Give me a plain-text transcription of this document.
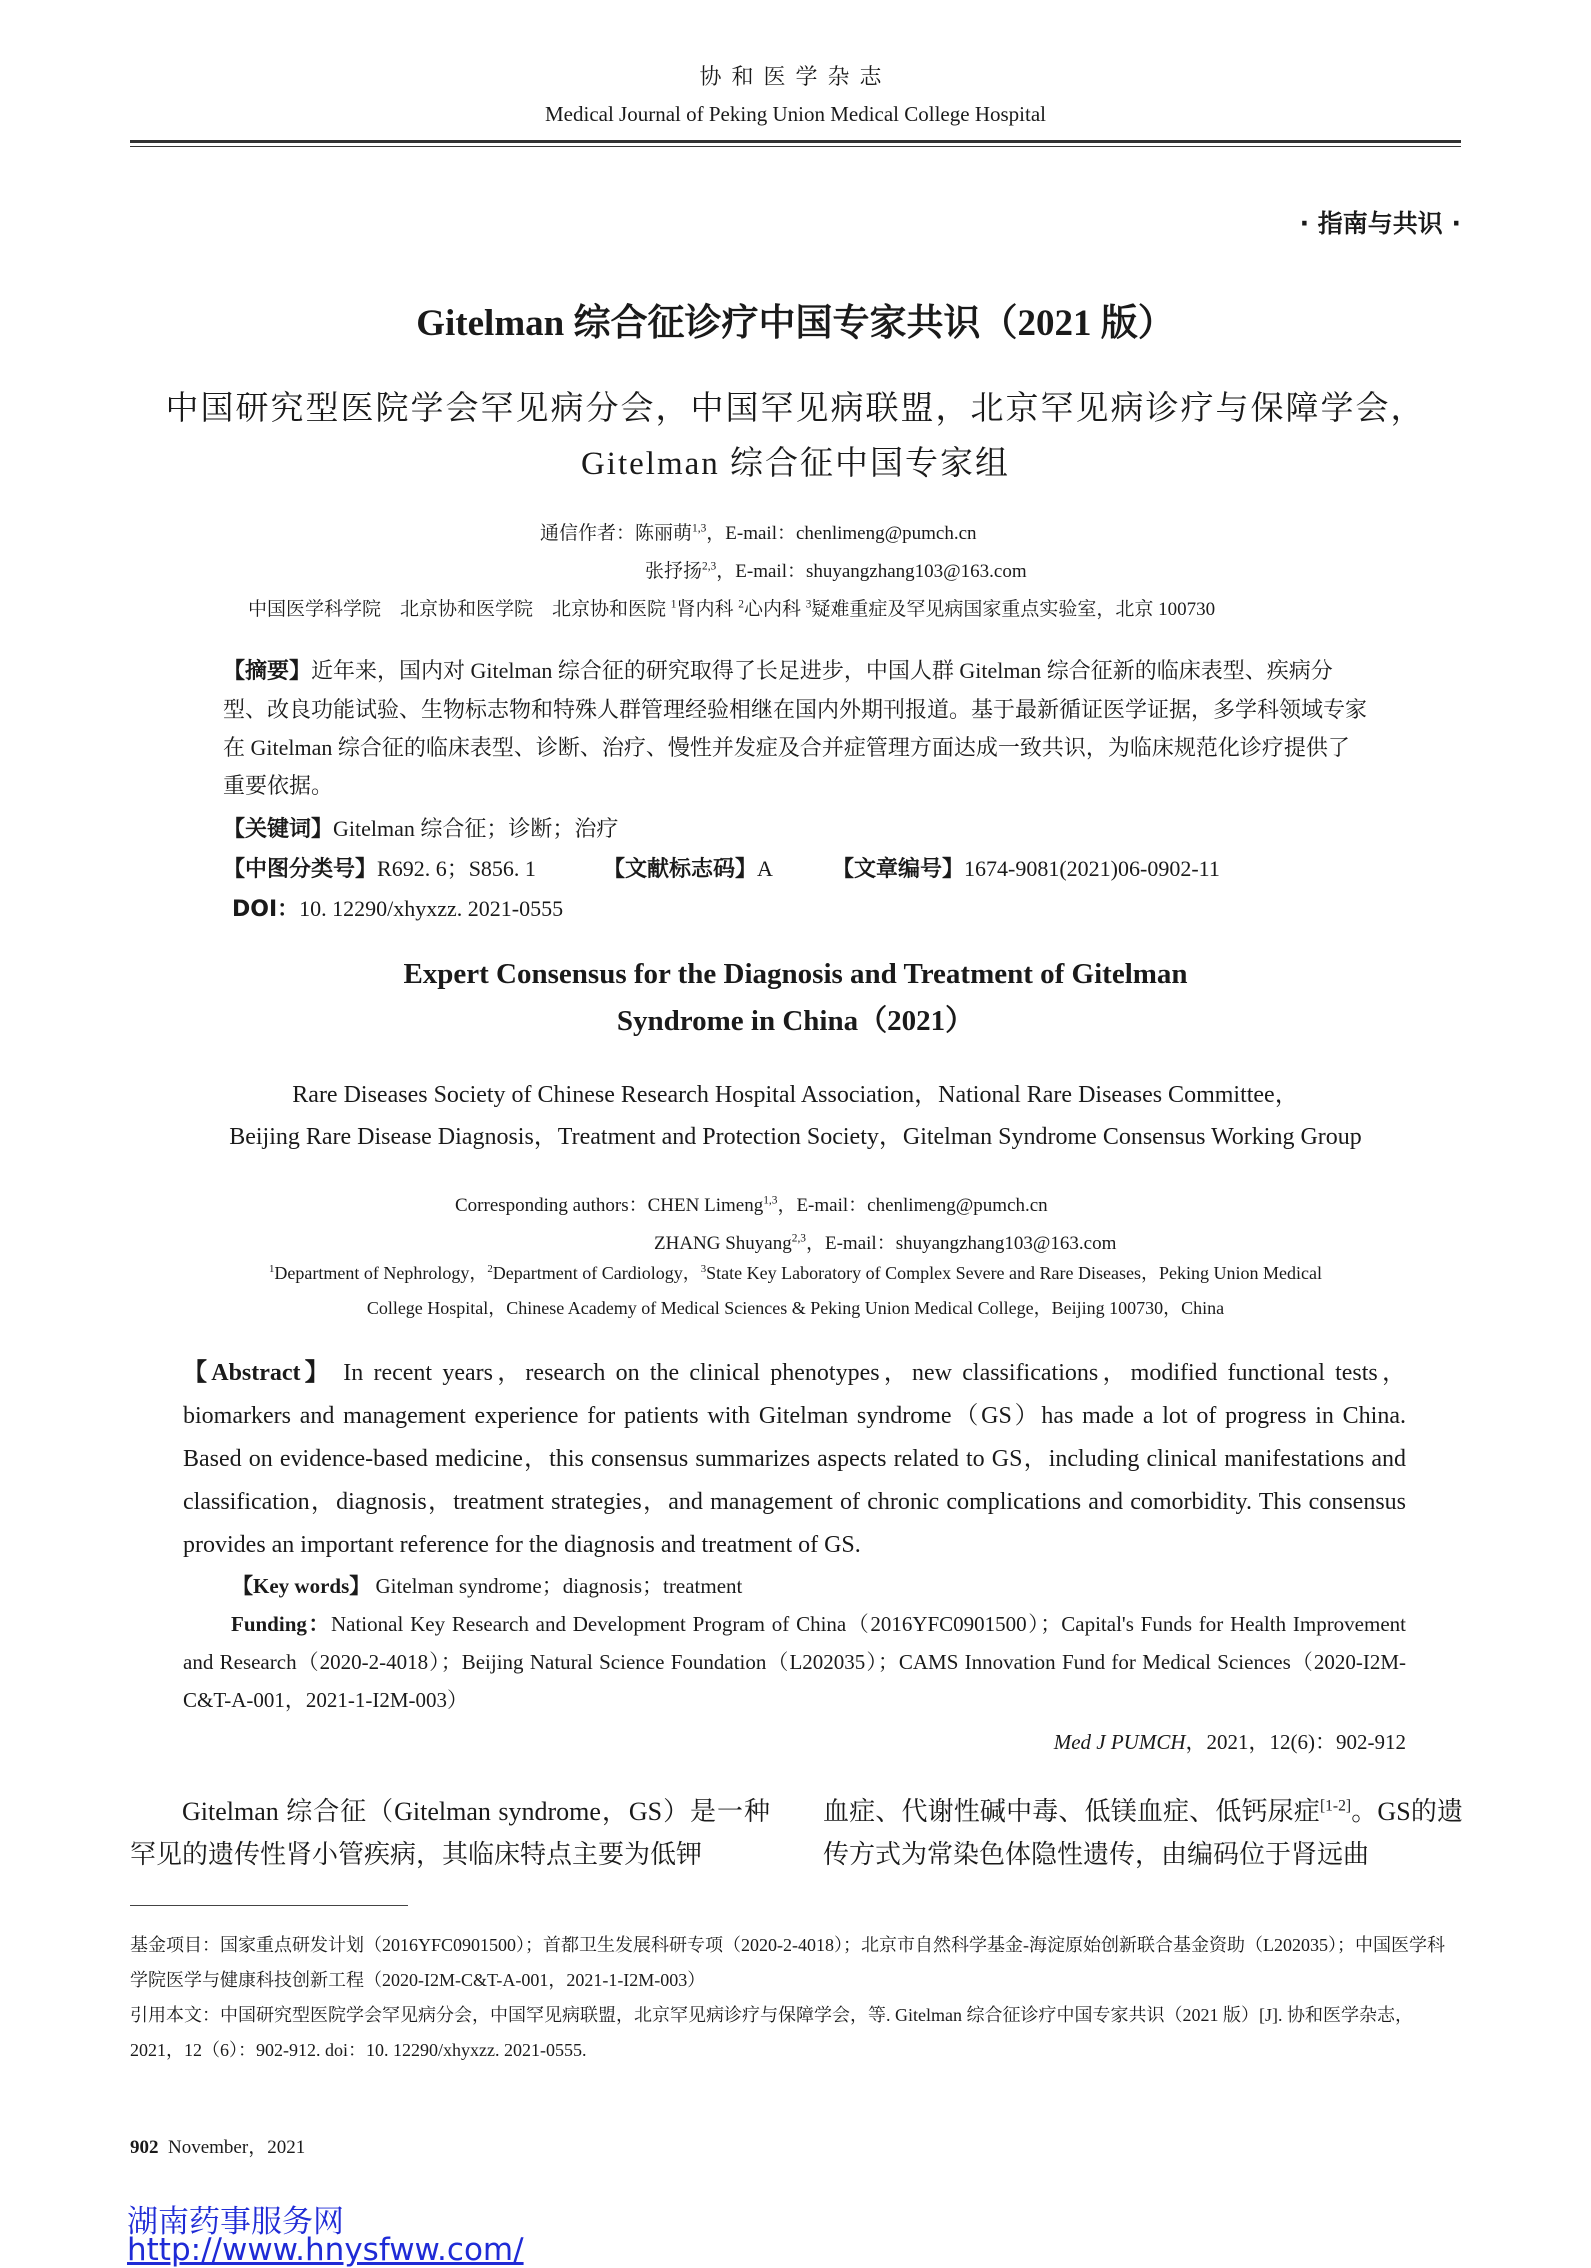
协和医学杂志
Medical Journal of Peking Union Medical College Hospital
· 指南与共识 ·
Gitelman 综合征诊疗中国专家共识（2021 版）
中国研究型医院学会罕见病分会，中国罕见病联盟，北京罕见病诊疗与保障学会，
Gitelman 综合征中国专家组
通信作者：陈丽萌$^{1,3}$，E-mail：chenlimeng@pumch.cn
张抒扬$^{2,3}$，E-mail：shuyangzhang103@163.com
中国医学科学院　北京协和医学院　北京协和医院 $^1$肾内科 $^2$心内科 $^3$疑难重症及罕见病国家重点实验室，北京 100730
【摘要】近年来，国内对 Gitelman 综合征的研究取得了长足进步，中国人群 Gitelman 综合征新的临床表型、疾病分型、改良功能试验、生物标志物和特殊人群管理经验相继在国内外期刊报道。基于最新循证医学证据，多学科领域专家在 Gitelman 综合征的临床表型、诊断、治疗、慢性并发症及合并症管理方面达成一致共识，为临床规范化诊疗提供了重要依据。
【关键词】Gitelman 综合征；诊断；治疗
【中图分类号】R692. 6；S856. 1	【文献标志码】A	【文章编号】1674-9081(2021)06-0902-11
DOI：10. 12290/xhyxzz. 2021-0555
Expert Consensus for the Diagnosis and Treatment of Gitelman
Syndrome in China（2021）
Rare Diseases Society of Chinese Research Hospital Association，National Rare Diseases Committee，
Beijing Rare Disease Diagnosis，Treatment and Protection Society，Gitelman Syndrome Consensus Working Group
Corresponding authors：CHEN Limeng$^{1,3}$，E-mail：chenlimeng@pumch.cn
ZHANG Shuyang$^{2,3}$，E-mail：shuyangzhang103@163.com
$^1$Department of Nephrology，$^2$Department of Cardiology，$^3$State Key Laboratory of Complex Severe and Rare Diseases，Peking Union Medical
College Hospital，Chinese Academy of Medical Sciences & Peking Union Medical College，Beijing 100730，China
【Abstract】 In recent years，research on the clinical phenotypes，new classifications，modified functional tests，biomarkers and management experience for patients with Gitelman syndrome（GS）has made a lot of progress in China. Based on evidence-based medicine，this consensus summarizes aspects related to GS，including clinical manifestations and classification，diagnosis，treatment strategies，and management of chronic complications and comorbidity. This consensus provides an important reference for the diagnosis and treatment of GS.
【Key words】 Gitelman syndrome；diagnosis；treatment
Funding：National Key Research and Development Program of China（2016YFC0901500）；Capital's Funds for Health Improvement and Research（2020-2-4018）；Beijing Natural Science Foundation（L202035）；CAMS Innovation Fund for Medical Sciences（2020-I2M-C&T-A-001，2021-1-I2M-003）
Med J PUMCH，2021，12(6)：902-912
Gitelman 综合征（Gitelman syndrome，GS）是一种罕见的遗传性肾小管疾病，其临床特点主要为低钾
血症、代谢性碱中毒、低镁血症、低钙尿症[1-2]。GS的遗传方式为常染色体隐性遗传，由编码位于肾远曲
基金项目：国家重点研发计划（2016YFC0901500）；首都卫生发展科研专项（2020-2-4018）；北京市自然科学基金-海淀原始创新联合基金资助（L202035）；中国医学科学院医学与健康科技创新工程（2020-I2M-C&T-A-001，2021-1-I2M-003）
引用本文：中国研究型医院学会罕见病分会，中国罕见病联盟，北京罕见病诊疗与保障学会，等. Gitelman 综合征诊疗中国专家共识（2021 版）[J]. 协和医学杂志，2021，12（6）：902-912. doi：10. 12290/xhyxzz. 2021-0555.
902 November，2021
湖南药事服务网
http://www.hnysfww.com/
